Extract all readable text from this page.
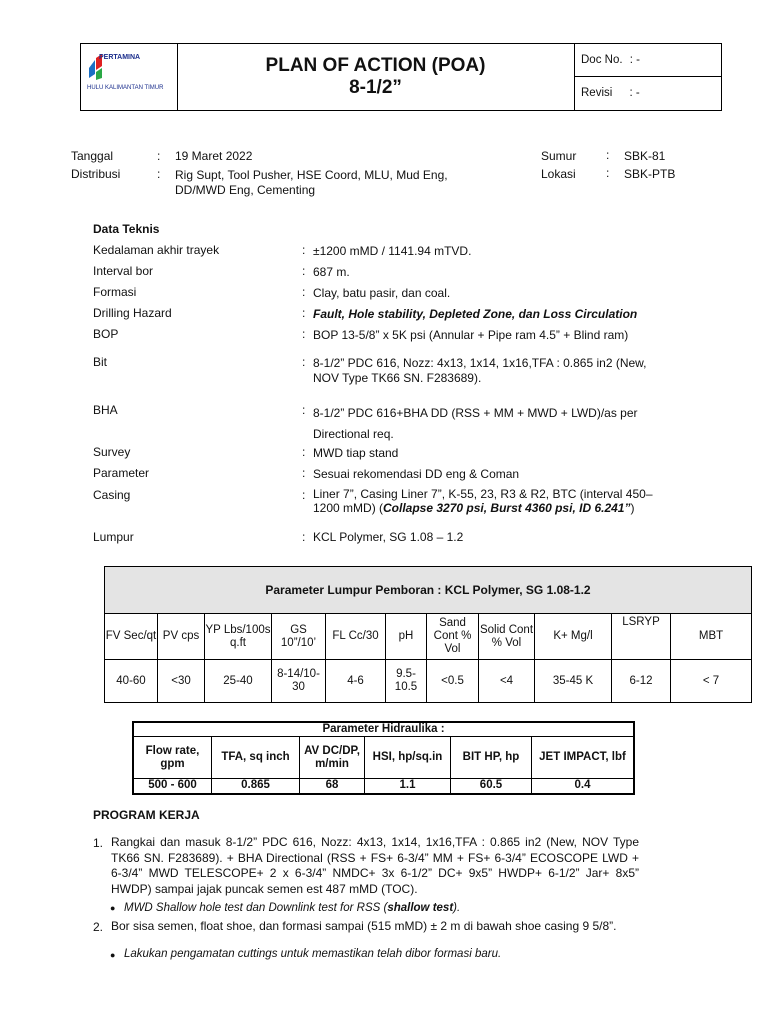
PERTAMINA
HULU KALIMANTAN TIMUR
PLAN OF ACTION (POA)
8-1/2”
Doc No. : -
Revisi : -
Tanggal	: 19 Maret 2022
Distribusi	: Rig Supt, Tool Pusher, HSE Coord, MLU, Mud Eng, DD/MWD Eng, Cementing
Sumur : SBK-81
Lokasi	: SBK-PTB
Data Teknis
Kedalaman akhir trayek	: ±1200 mMD / 1141.94 mTVD.
Interval bor	: 687 m.
Formasi	: Clay, batu pasir, dan coal.
Drilling Hazard	: Fault, Hole stability, Depleted Zone, dan Loss Circulation
BOP	: BOP 13-5/8” x 5K psi (Annular + Pipe ram 4.5” + Blind ram)
Bit	: 8-1/2” PDC 616, Nozz: 4x13, 1x14, 1x16,TFA : 0.865 in2 (New, NOV Type TK66 SN. F283689).
BHA	: 8-1/2” PDC 616+BHA DD (RSS + MM + MWD + LWD)/as per Directional req.
Survey	: MWD tiap stand
Parameter	: Sesuai rekomendasi DD eng & Coman
Casing	: Liner 7”, Casing Liner 7”, K-55, 23, R3 & R2, BTC (interval 450– 1200 mMD) (Collapse 3270 psi, Burst 4360 psi, ID 6.241”)
Lumpur	: KCL Polymer, SG 1.08 – 1.2
Parameter Lumpur Pemboran : KCL Polymer, SG 1.08-1.2										
FV Sec/qt	PV cps	YP Lbs/100s q.ft	GS 10”/10’	FL Cc/30	pH	Sand Cont % Vol	Solid Cont % Vol	K+ Mg/l	LSRYP	MBT
40-60	<30	25-40	8-14/10-30	4-6	9.5-10.5	<0.5	<4	35-45 K	6-12	< 7
Parameter Hidraulika :					
Flow rate, gpm	TFA, sq inch	AV DC/DP, m/min	HSI, hp/sq.in	BIT HP, hp	JET IMPACT, lbf
500 - 600	0.865	68	1.1	60.5	0.4
PROGRAM KERJA
1. Rangkai dan masuk 8-1/2” PDC 616, Nozz: 4x13, 1x14, 1x16,TFA : 0.865 in2 (New, NOV Type TK66 SN. F283689). + BHA Directional (RSS + FS+ 6-3/4” MM + FS+ 6-3/4” ECOSCOPE LWD + 6-3/4” MWD TELESCOPE+ 2 x 6-3/4” NMDC+ 3x 6-1/2” DC+ 9x5” HWDP+ 6-1/2” Jar+ 8x5” HWDP) sampai jajak puncak semen est 487 mMD (TOC).
● MWD Shallow hole test dan Downlink test for RSS (shallow test).
2. Bor sisa semen, float shoe, dan formasi sampai (515 mMD) ± 2 m di bawah shoe casing 9 5/8”.
● Lakukan pengamatan cuttings untuk memastikan telah dibor formasi baru.
